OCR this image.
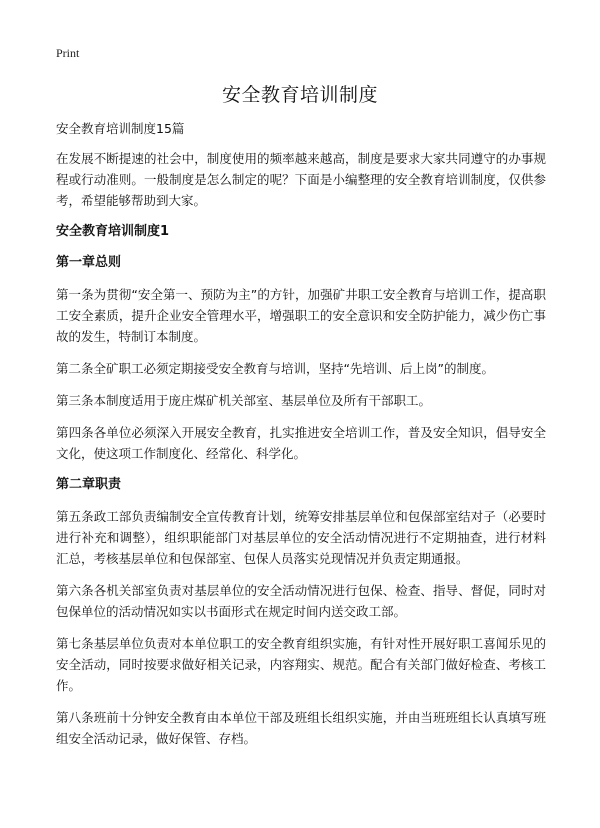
Print
安全教育培训制度
安全教育培训制度15篇

在发展不断提速的社会中，制度使用的频率越来越高，制度是要求大家共同遵守的办事规程或行动准则。一般制度是怎么制定的呢？下面是小编整理的安全教育培训制度，仅供参考，希望能够帮助到大家。

安全教育培训制度1
第一章总则

第一条为贯彻“安全第一、预防为主”的方针，加强矿井职工安全教育与培训工作，提高职工安全素质，提升企业安全管理水平，增强职工的安全意识和安全防护能力，减少伤亡事故的发生，特制订本制度。

第二条全矿职工必须定期接受安全教育与培训，坚持“先培训、后上岗”的制度。

第三条本制度适用于庞庄煤矿机关部室、基层单位及所有干部职工。

第四条各单位必须深入开展安全教育，扎实推进安全培训工作，普及安全知识，倡导安全文化，使这项工作制度化、经常化、科学化。

第二章职责

第五条政工部负责编制安全宣传教育计划，统筹安排基层单位和包保部室结对子（必要时进行补充和调整），组织职能部门对基层单位的安全活动情况进行不定期抽查，进行材料汇总，考核基层单位和包保部室、包保人员落实兑现情况并负责定期通报。

第六条各机关部室负责对基层单位的安全活动情况进行包保、检查、指导、督促，同时对包保单位的活动情况如实以书面形式在规定时间内送交政工部。

第七条基层单位负责对本单位职工的安全教育组织实施，有针对性开展好职工喜闻乐见的安全活动，同时按要求做好相关记录，内容翔实、规范。配合有关部门做好检查、考核工作。

第八条班前十分钟安全教育由本单位干部及班组长组织实施，并由当班班组长认真填写班组安全活动记录，做好保管、存档。
